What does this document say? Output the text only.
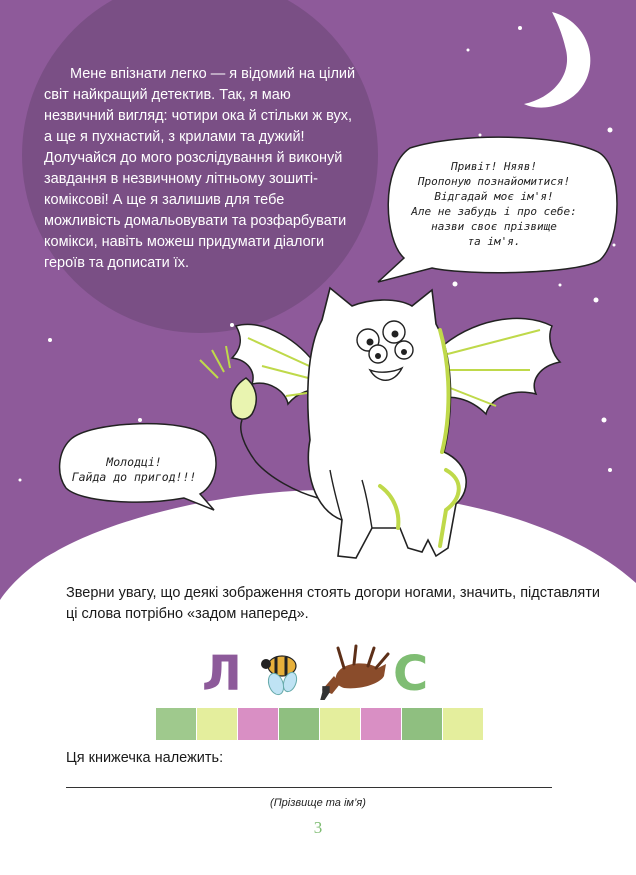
Мене впізнати легко — я відомий на цілий світ найкращий детектив. Так, я маю незвичний вигляд: чотири ока й стільки ж вух, а ще я пухнастий, з крилами та дужий! Долучайся до мого розслідування й виконуй завдання в незвичному літньому зошиті-коміксові! А ще я залишив для тебе можливість домальовувати та розфарбувати комікси, навіть можеш придумати діалоги героїв та дописати їх.

Привіт! Няяв!
Пропоную познайомитися!
Відгадай моє ім'я!
Але не забудь і про себе:
назви своє прізвище
та ім'я.
Молодці!
Гайда до пригод!!!

Зверни увагу, що деякі зображення стоять догори ногами, значить, підставляти ці слова потрібно «задом наперед».

Л , С
Ця книжечка належить:
(Прізвище та ім’я)
3
